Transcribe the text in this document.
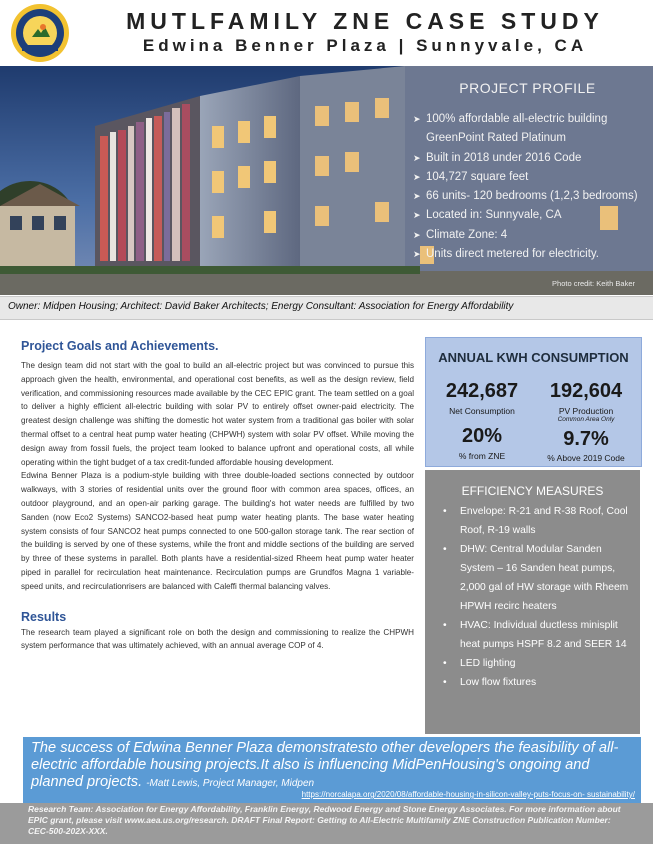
MUTLFAMILY ZNE CASE STUDY
Edwina Benner Plaza | Sunnyvale, CA
PROJECT PROFILE
➤ 100% affordable all-electric building
GreenPoint Rated Platinum
➤ Built in 2018 under 2016 Code
➤ 104,727 square feet
➤ 66 units- 120 bedrooms (1,2,3 bedrooms)
➤ Located in: Sunnyvale, CA
➤ Climate Zone: 4
➤ Units direct metered for electricity.
Photo credit: Keith Baker
Owner: Midpen Housing; Architect: David Baker Architects; Energy Consultant: Association for Energy Affordability

Project Goals and Achievements.

The design team did not start with the goal to build an all-electric project but was convinced to pursue this approach given the health, environmental, and operational cost benefits, as well as the design review, field verification, and commissioning resources made available by the CEC EPIC grant. The team settled on a goal to deliver a highly efficient all-electric building with solar PV to entirely offset owner-paid electricity. The greatest design challenge was shifting the domestic hot water system from a traditional gas boiler with solar thermal offset to a central heat pump water heating (CHPWH) system with solar PV offset. While moving the design away from fossil fuels, the project team looked to balance upfront and operational costs, all while operating within the tight budget of a tax credit-funded affordable housing development.

Edwina Benner Plaza is a podium-style building with three double-loaded sections connected by outdoor walkways, with 3 stories of residential units over the ground floor with common area spaces, offices, an outdoor playground, and an open-air parking garage. The building's hot water needs are fulfilled by two Sanden (now Eco2 Systems) SANCO2-based heat pump water heating plants. The base water heating system consists of four SANCO2 heat pumps connected to one 500-gallon storage tank. The rear section of the building is served by one of these systems, while the front and middle sections of the building are served by three of these systems in parallel. Both plants have a residential-sized Rheem heat pump water heater piped in parallel for recirculation heat maintenance. Recirculation pumps are Grundfos Magna 1 variable-speed units, and recirculationrisers are balanced with Caleffi thermal balancing valves.

Results

The research team played a significant role on both the design and commissioning to realize the CHPWH system performance that was ultimately achieved, with an annual average COP of 4.

ANNUAL KWH CONSUMPTION
242,687
Net Consumption
192,604
PV Production
Common Area Only
20%
% from ZNE
9.7%
% Above 2019 Code
EFFICIENCY MEASURES
• Envelope: R-21 and R-38 Roof, Cool Roof, R-19 walls
• DHW: Central Modular Sanden System – 16 Sanden heat pumps, 2,000 gal of HW storage with Rheem HPWH recirc heaters
• HVAC: Individual ductless minisplit heat pumps HSPF 8.2 and SEER 14
• LED lighting
• Low flow fixtures

The success of Edwina Benner Plaza demonstratesto other developers the feasibility of all-electric affordable housing projects.It also is influencing MidPenHousing's ongoing and planned projects. -Matt Lewis, Project Manager, Midpen

https://norcalapa.org/2020/08/affordable-housing-in-silicon-valley-puts-focus-on- sustainability/

Research Team: Association for Energy Affordability, Franklin Energy, Redwood Energy and Stone Energy Associates. For more information about EPIC grant, please visit www.aea.us.org/research. DRAFT Final Report: Getting to All-Electric Multifamily ZNE Construction Publication Number: CEC-500-202X-XXX.
